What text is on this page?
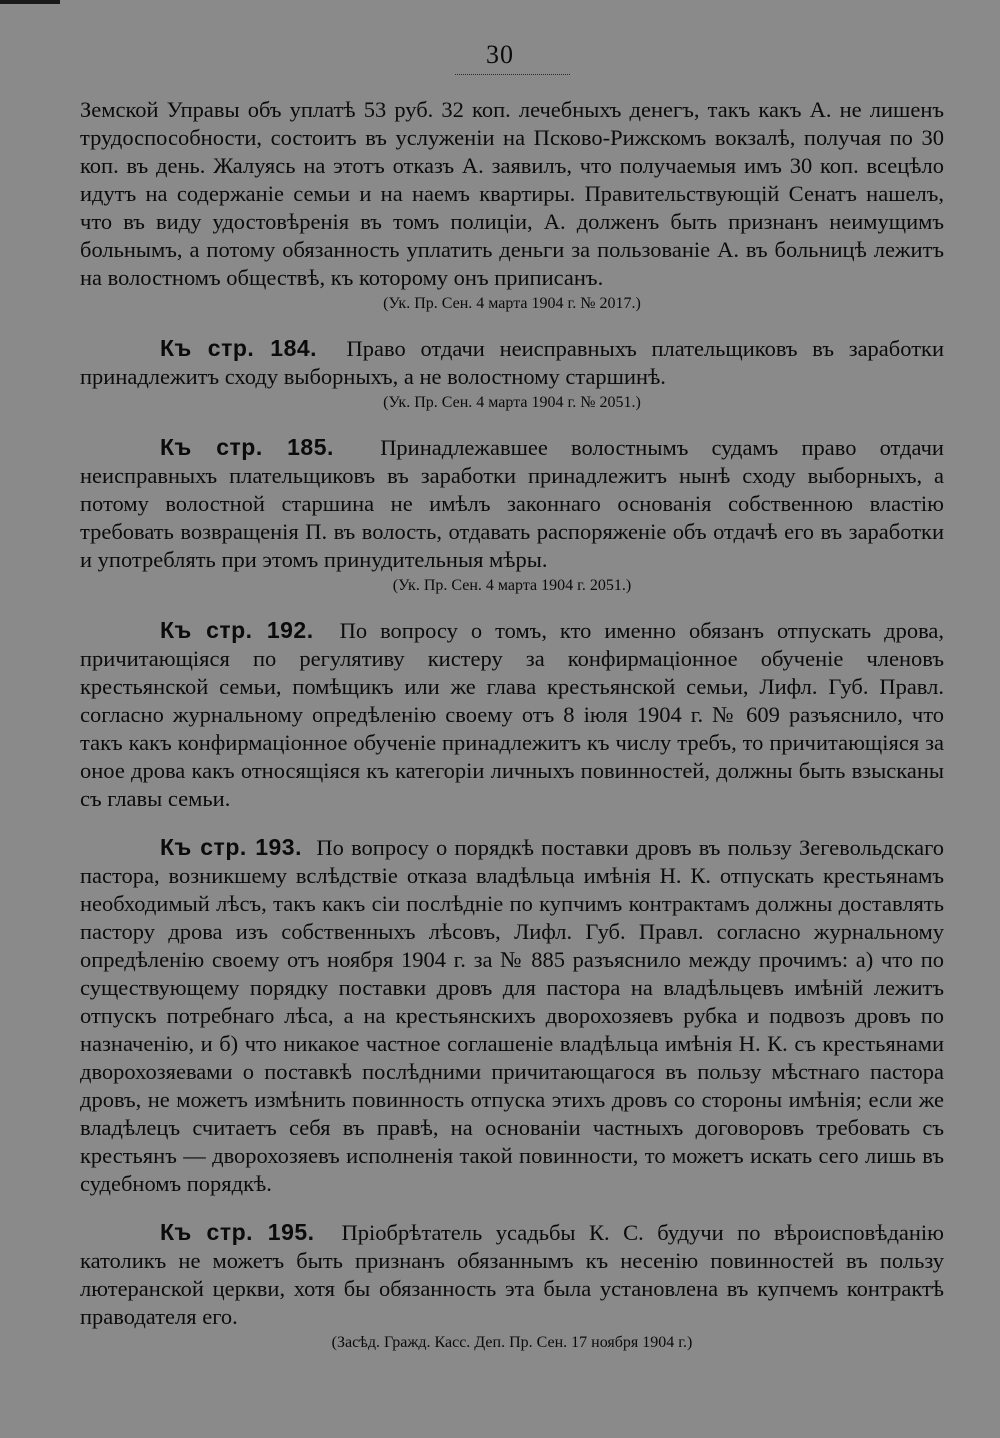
30

Земской Управы объ уплатѣ 53 руб. 32 коп. лечебныхъ денегъ, такъ какъ А. не лишенъ трудоспособности, состоитъ въ услуженіи на Псково-Рижскомъ вокзалѣ, получая по 30 коп. въ день. Жалуясь на этотъ отказъ А. заявилъ, что получаемыя имъ 30 коп. всецѣло идутъ на содержаніе семьи и на наемъ квартиры. Правительствующій Сенатъ нашелъ, что въ виду удостовѣренія въ томъ полиціи, А. долженъ быть признанъ неимущимъ больнымъ, а потому обязанность уплатить деньги за пользованіе А. въ больницѣ лежитъ на волостномъ обществѣ, къ которому онъ приписанъ.

(Ук. Пр. Сен. 4 марта 1904 г. № 2017.)

Къ стр. 184. Право отдачи неисправныхъ плательщиковъ въ заработки принадлежитъ сходу выборныхъ, а не волостному старшинѣ.

(Ук. Пр. Сен. 4 марта 1904 г. № 2051.)

Къ стр. 185. Принадлежавшее волостнымъ судамъ право отдачи неисправныхъ плательщиковъ въ заработки принадлежитъ нынѣ сходу выборныхъ, а потому волостной старшина не имѣлъ законнаго основанія собственною властію требовать возвращенія П. въ волость, отдавать распоряженіе объ отдачѣ его въ заработки и употреблять при этомъ принудительныя мѣры.

(Ук. Пр. Сен. 4 марта 1904 г. 2051.)

Къ стр. 192. По вопросу о томъ, кто именно обязанъ отпускать дрова, причитающіяся по регулятиву кистеру за конфирмаціонное обученіе членовъ крестьянской семьи, помѣщикъ или же глава крестьянской семьи, Лифл. Губ. Правл. согласно журнальному опредѣленію своему отъ 8 іюля 1904 г. № 609 разъяснило, что такъ какъ конфирмаціонное обученіе принадлежитъ къ числу требъ, то причитающіяся за оное дрова какъ относящіяся къ категоріи личныхъ повинностей, должны быть взысканы съ главы семьи.

Къ стр. 193. По вопросу о порядкѣ поставки дровъ въ пользу Зегевольдскаго пастора, возникшему вслѣдствіе отказа владѣльца имѣнія Н. К. отпускать крестьянамъ необходимый лѣсъ, такъ какъ сіи послѣдніе по купчимъ контрактамъ должны доставлять пастору дрова изъ собственныхъ лѣсовъ, Лифл. Губ. Правл. согласно журнальному опредѣленію своему отъ ноября 1904 г. за № 885 разъяснило между прочимъ: а) что по существующему порядку поставки дровъ для пастора на владѣльцевъ имѣній лежитъ отпускъ потребнаго лѣса, а на крестьянскихъ дворохозяевъ рубка и подвозъ дровъ по назначенію, и б) что никакое частное соглашеніе владѣльца имѣнія Н. К. съ крестьянами дворохозяевами о поставкѣ послѣдними причитающагося въ пользу мѣстнаго пастора дровъ, не можетъ измѣнить повинность отпуска этихъ дровъ со стороны имѣнія; если же владѣлецъ считаетъ себя въ правѣ, на основаніи частныхъ договоровъ требовать съ крестьянъ — дворохозяевъ исполненія такой повинности, то можетъ искать сего лишь въ судебномъ порядкѣ.

Къ стр. 195. Пріобрѣтатель усадьбы К. С. будучи по вѣроисповѣданію католикъ не можетъ быть признанъ обязаннымъ къ несенію повинностей въ пользу лютеранской церкви, хотя бы обязанность эта была установлена въ купчемъ контрактѣ праводателя его.

(Засѣд. Гражд. Касс. Деп. Пр. Сен. 17 ноября 1904 г.)
